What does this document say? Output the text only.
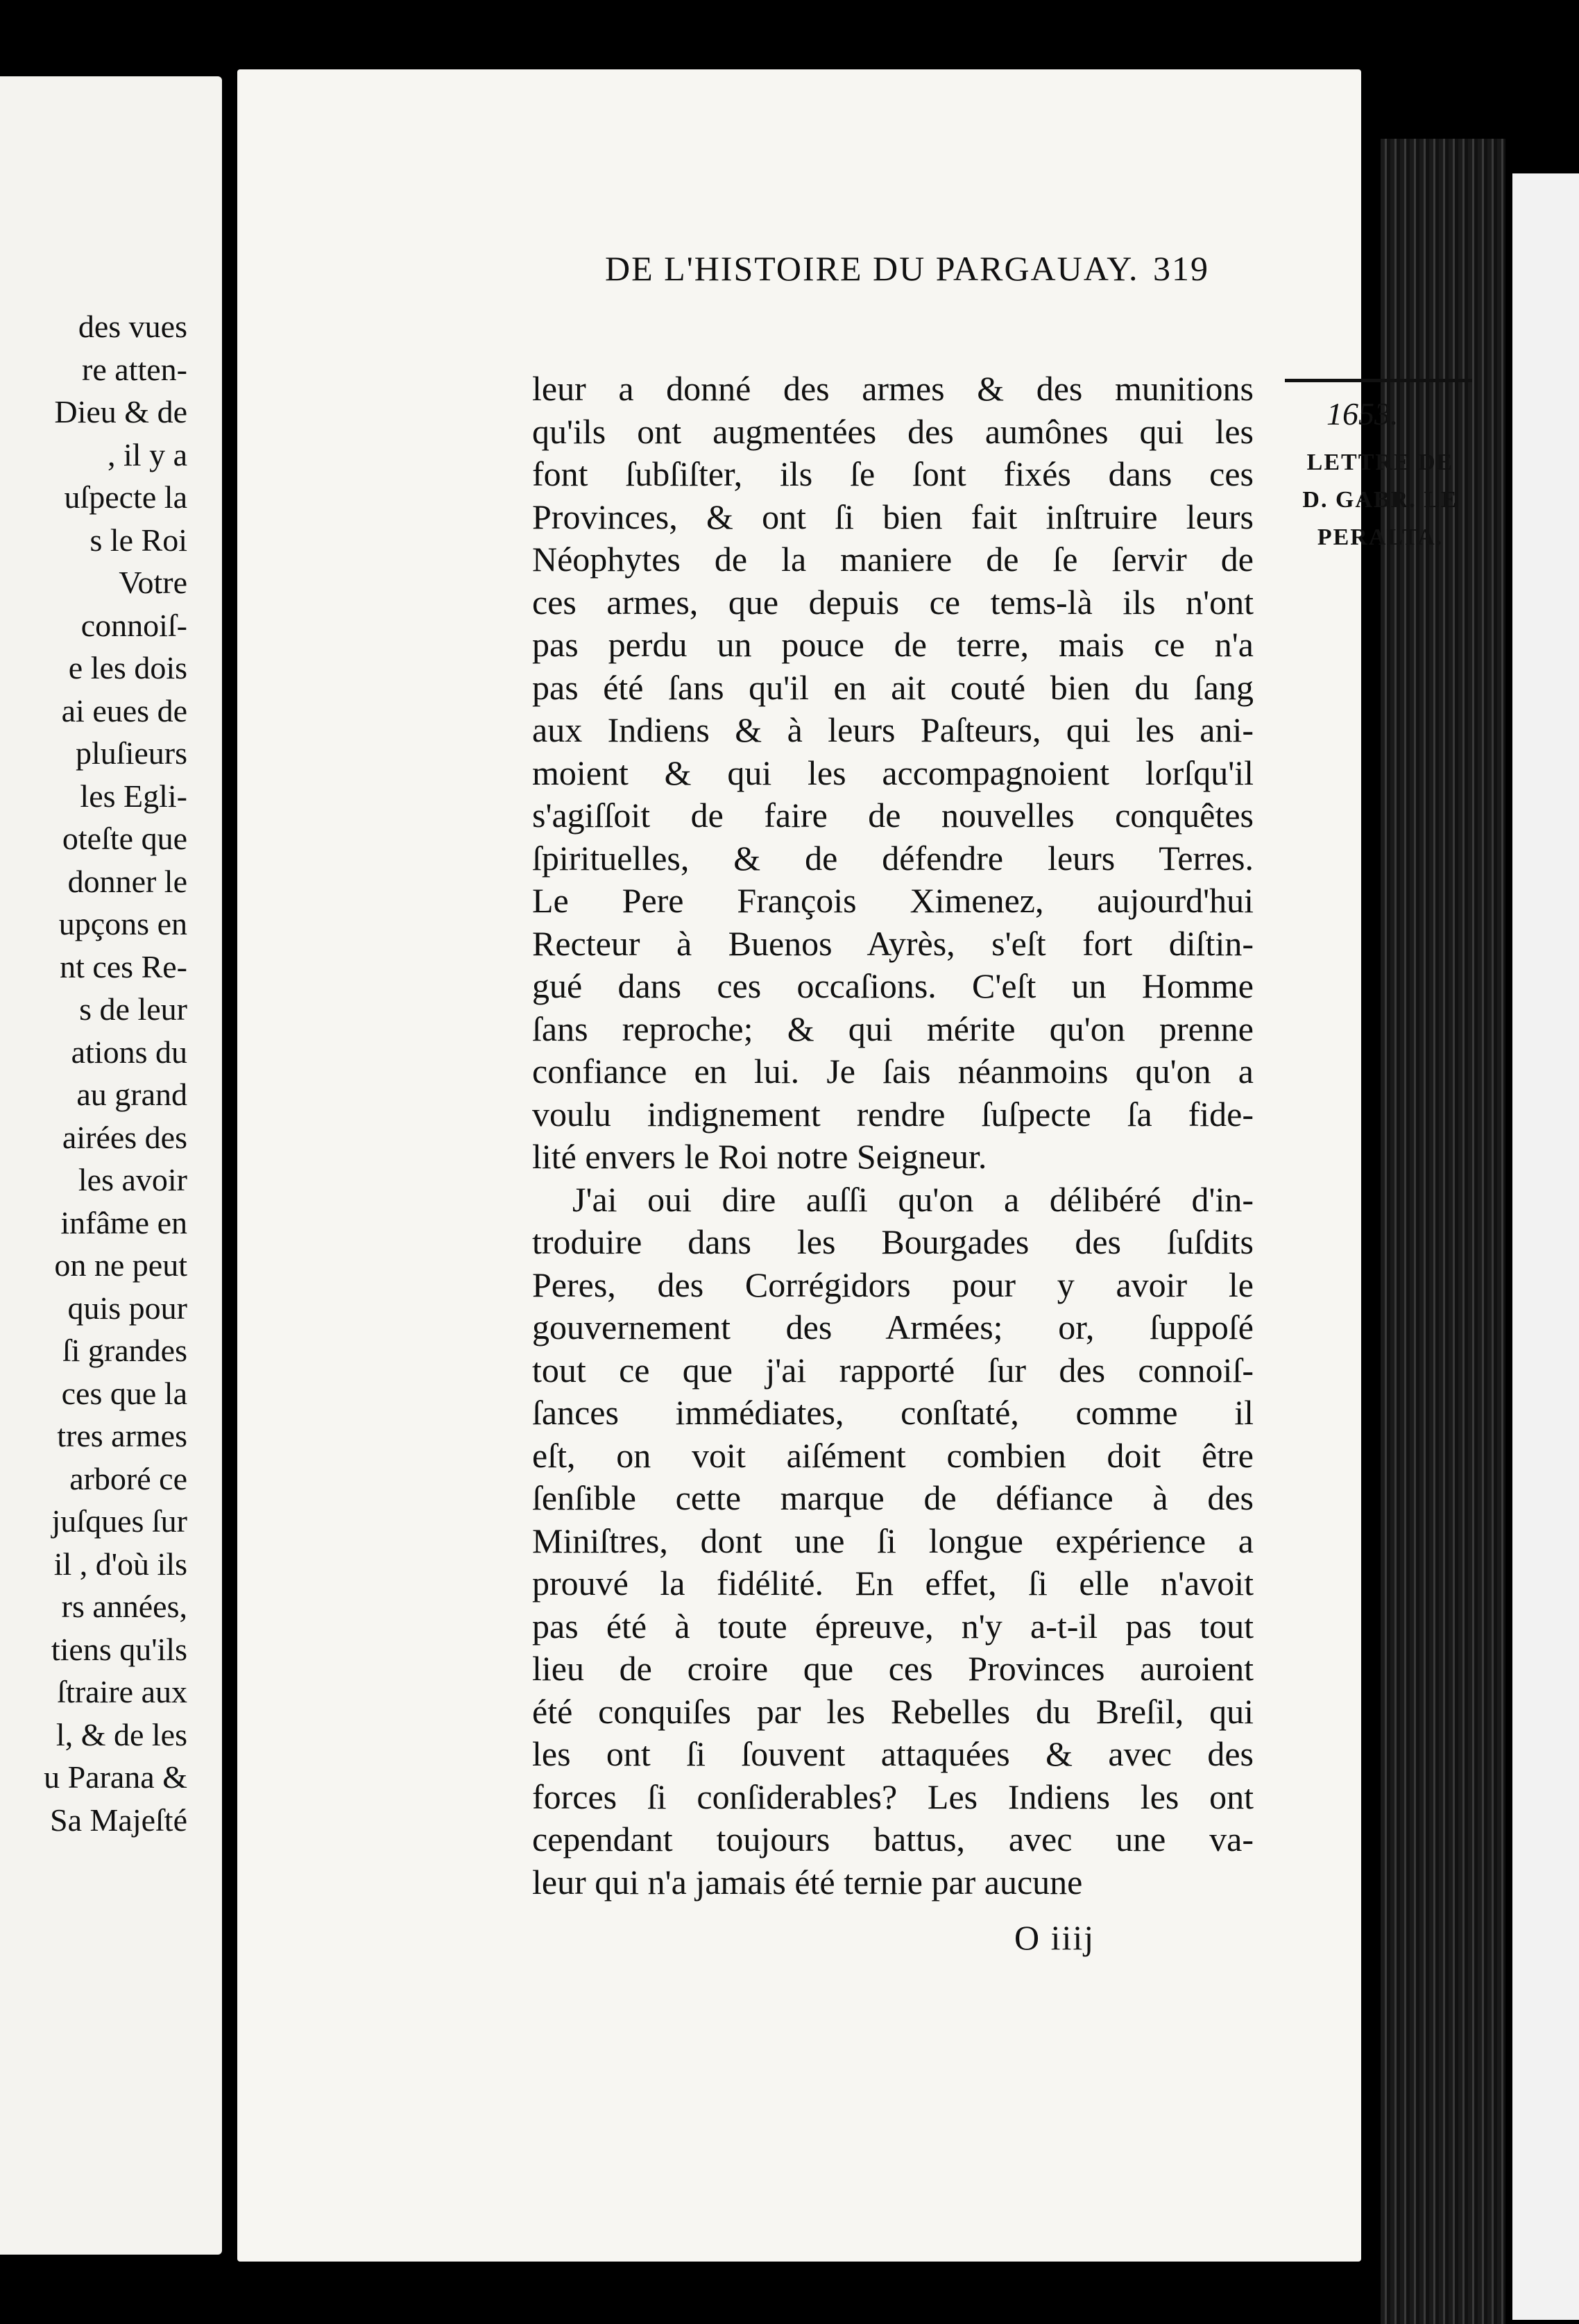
des vues
re atten-
Dieu & de
, il y a
uſpecte la
s le Roi
Votre
connoiſ-
e les dois
ai eues de
pluſieurs
les Egli-
oteſte que
donner le
upçons en
nt ces Re-
s de leur
ations du
au grand
airées des
les avoir
infâme en
on ne peut
quis pour
ſi grandes
ces que la
tres armes
arboré ce
juſques ſur
il , d'où ils
rs années,
tiens qu'ils
ſtraire aux
l, & de les
u Parana &
Sa Majeſté
DE L'HISTOIRE DU PARGAUAY. 319
leur a donné des armes & des munitions
qu'ils ont augmentées des aumônes qui les
font ſubſiſter, ils ſe ſont fixés dans ces
Provinces, & ont ſi bien fait inſtruire leurs
Néophytes de la maniere de ſe ſervir de
ces armes, que depuis ce tems-là ils n'ont
pas perdu un pouce de terre, mais ce n'a
pas été ſans qu'il en ait couté bien du ſang
aux Indiens & à leurs Paſteurs, qui les ani-
moient & qui les accompagnoient lorſqu'il
s'agiſſoit de faire de nouvelles conquêtes
ſpirituelles, & de défendre leurs Terres.
Le Pere François Ximenez, aujourd'hui
Recteur à Buenos Ayrès, s'eſt fort diſtin-
gué dans ces occaſions. C'eſt un Homme
ſans reproche; & qui mérite qu'on prenne
confiance en lui. Je ſais néanmoins qu'on a
voulu indignement rendre ſuſpecte ſa fide-
lité envers le Roi notre Seigneur.
J'ai oui dire auſſi qu'on a délibéré d'in-
troduire dans les Bourgades des ſuſdits
Peres, des Corrégidors pour y avoir le
gouvernement des Armées; or, ſuppoſé
tout ce que j'ai rapporté ſur des connoiſ-
ſances immédiates, conſtaté, comme il
eſt, on voit aiſément combien doit être
ſenſible cette marque de défiance à des
Miniſtres, dont une ſi longue expérience a
prouvé la fidélité. En effet, ſi elle n'avoit
pas été à toute épreuve, n'y a-t-il pas tout
lieu de croire que ces Provinces auroient
été conquiſes par les Rebelles du Breſil, qui
les ont ſi ſouvent attaquées & avec des
forces ſi conſiderables? Les Indiens les ont
cependant toujours battus, avec une va-
leur qui n'a jamais été ternie par aucune
O iiij
1653.
LETTRE DE
D. GABR. LE
PERALTA.
